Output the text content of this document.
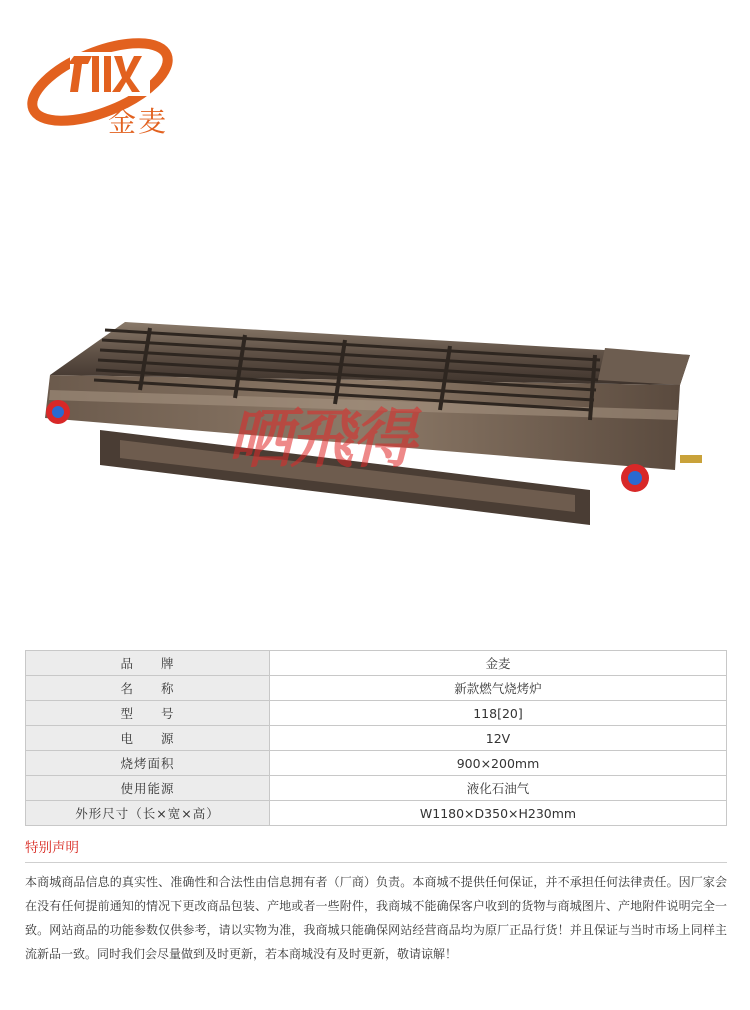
金麦
晒飛得
品　　牌	金麦
名　　称	新款燃气烧烤炉
型　　号	118[20]
电　　源	12V
烧烤面积	900×200mm
使用能源	液化石油气
外形尺寸（长×宽×高）	W1180×D350×H230mm
特别声明
本商城商品信息的真实性、准确性和合法性由信息拥有者（厂商）负责。本商城不提供任何保证，并不承担任何法律责任。因厂家会在没有任何提前通知的情况下更改商品包装、产地或者一些附件，我商城不能确保客户收到的货物与商城图片、产地附件说明完全一致。网站商品的功能参数仅供参考，请以实物为准，我商城只能确保网站经营商品均为原厂正品行货！并且保证与当时市场上同样主流新品一致。同时我们会尽量做到及时更新，若本商城没有及时更新，敬请谅解！
